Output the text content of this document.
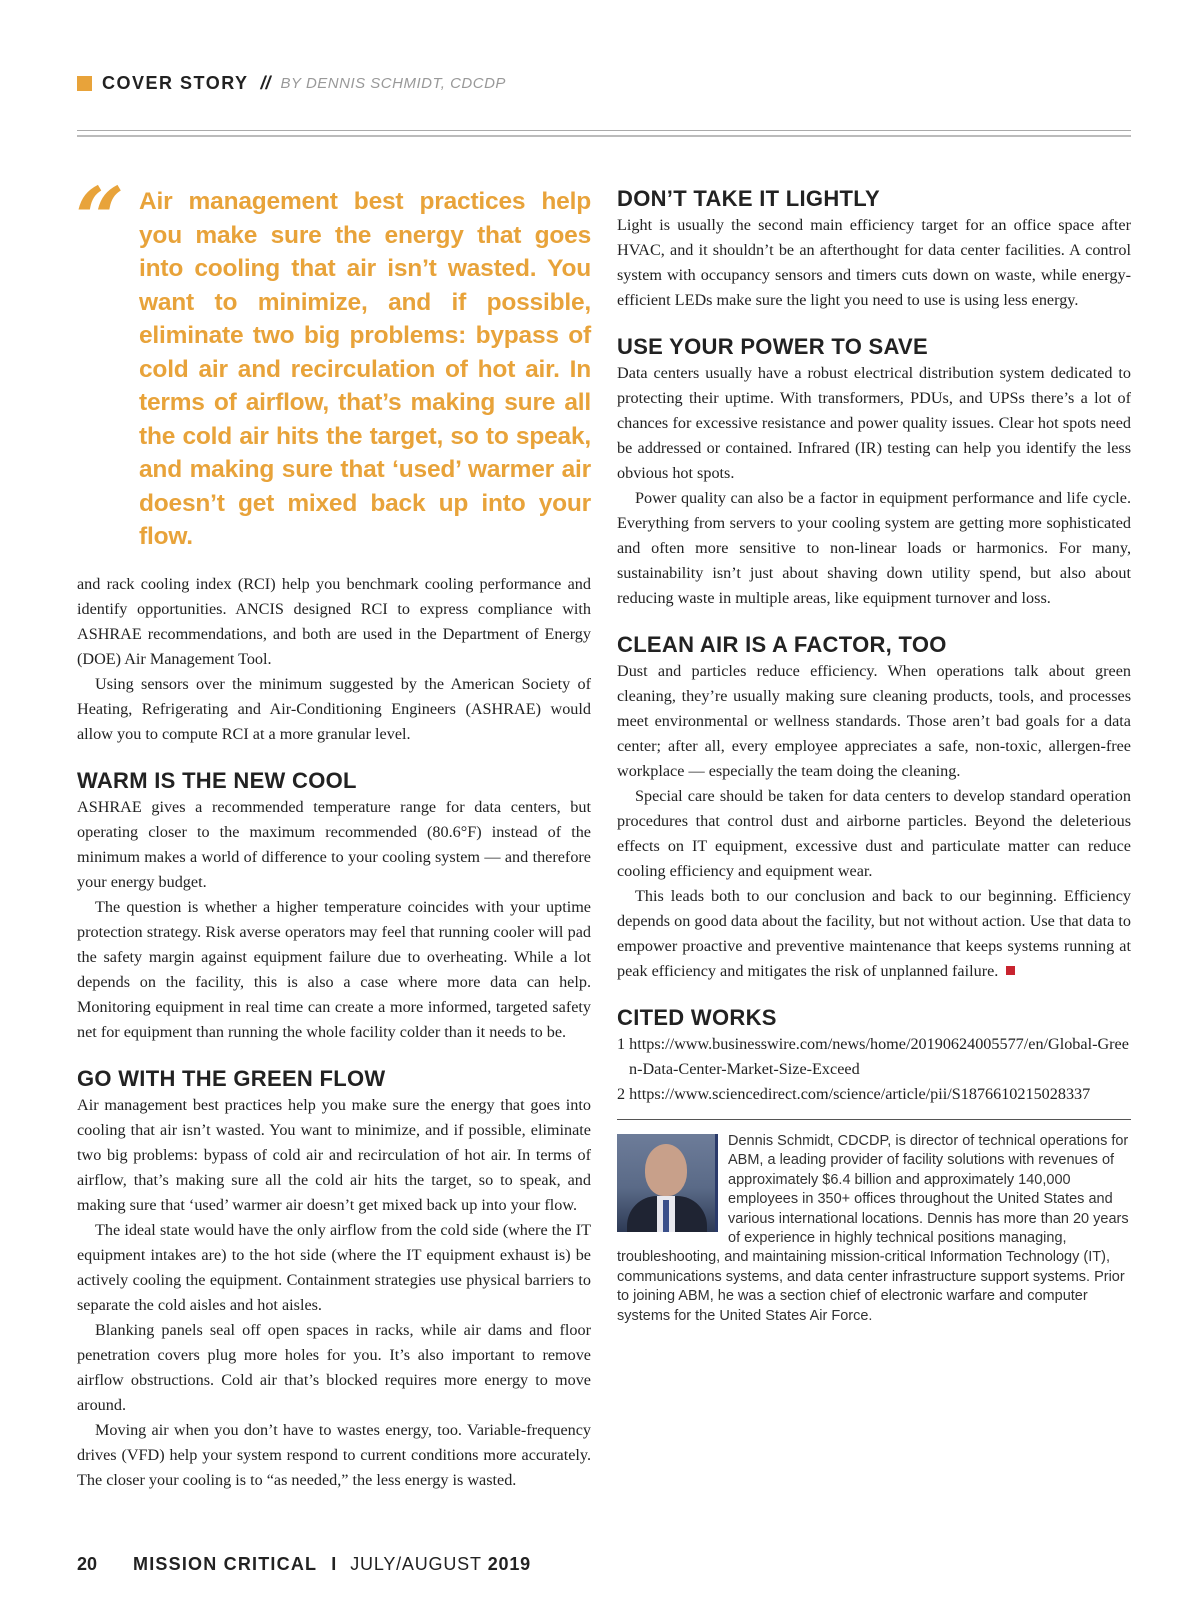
COVER STORY // BY DENNIS SCHMIDT, CDCDP
“ Air management best practices help you make sure the energy that goes into cooling that air isn’t wasted. You want to minimize, and if possible, eliminate two big problems: bypass of cold air and recirculation of hot air. In terms of airflow, that’s making sure all the cold air hits the target, so to speak, and making sure that ‘used’ warmer air doesn’t get mixed back up into your flow.

and rack cooling index (RCI) help you benchmark cooling performance and identify opportunities. ANCIS designed RCI to express compliance with ASHRAE recommendations, and both are used in the Department of Energy (DOE) Air Management Tool.

Using sensors over the minimum suggested by the American Society of Heating, Refrigerating and Air-Conditioning Engineers (ASHRAE) would allow you to compute RCI at a more granular level.

WARM IS THE NEW COOL

ASHRAE gives a recommended temperature range for data centers, but operating closer to the maximum recommended (80.6°F) instead of the minimum makes a world of difference to your cooling system — and therefore your energy budget.

The question is whether a higher temperature coincides with your uptime protection strategy. Risk averse operators may feel that running cooler will pad the safety margin against equipment failure due to overheating. While a lot depends on the facility, this is also a case where more data can help. Monitoring equipment in real time can create a more informed, targeted safety net for equipment than running the whole facility colder than it needs to be.

GO WITH THE GREEN FLOW

Air management best practices help you make sure the energy that goes into cooling that air isn’t wasted. You want to minimize, and if possible, eliminate two big problems: bypass of cold air and recirculation of hot air. In terms of airflow, that’s making sure all the cold air hits the target, so to speak, and making sure that ‘used’ warmer air doesn’t get mixed back up into your flow.

The ideal state would have the only airflow from the cold side (where the IT equipment intakes are) to the hot side (where the IT equipment exhaust is) be actively cooling the equipment. Containment strategies use physical barriers to separate the cold aisles and hot aisles.

Blanking panels seal off open spaces in racks, while air dams and floor penetration covers plug more holes for you. It’s also important to remove airflow obstructions. Cold air that’s blocked requires more energy to move around.

Moving air when you don’t have to wastes energy, too. Variable-frequency drives (VFD) help your system respond to current conditions more accurately. The closer your cooling is to “as needed,” the less energy is wasted.

DON’T TAKE IT LIGHTLY

Light is usually the second main efficiency target for an office space after HVAC, and it shouldn’t be an afterthought for data center facilities. A control system with occupancy sensors and timers cuts down on waste, while energy-efficient LEDs make sure the light you need to use is using less energy.

USE YOUR POWER TO SAVE

Data centers usually have a robust electrical distribution system dedicated to protecting their uptime. With transformers, PDUs, and UPSs there’s a lot of chances for excessive resistance and power quality issues. Clear hot spots need be addressed or contained. Infrared (IR) testing can help you identify the less obvious hot spots.

Power quality can also be a factor in equipment performance and life cycle. Everything from servers to your cooling system are getting more sophisticated and often more sensitive to non-linear loads or harmonics. For many, sustainability isn’t just about shaving down utility spend, but also about reducing waste in multiple areas, like equipment turnover and loss.

CLEAN AIR IS A FACTOR, TOO

Dust and particles reduce efficiency. When operations talk about green cleaning, they’re usually making sure cleaning products, tools, and processes meet environmental or wellness standards. Those aren’t bad goals for a data center; after all, every employee appreciates a safe, non-toxic, allergen-free workplace — especially the team doing the cleaning.

Special care should be taken for data centers to develop standard operation procedures that control dust and airborne particles. Beyond the deleterious effects on IT equipment, excessive dust and particulate matter can reduce cooling efficiency and equipment wear.

This leads both to our conclusion and back to our beginning. Efficiency depends on good data about the facility, but not without action. Use that data to empower proactive and preventive maintenance that keeps systems running at peak efficiency and mitigates the risk of unplanned failure.

CITED WORKS
1 https://www.businesswire.com/news/home/20190624005577/en/Global-Green-Data-Center-Market-Size-Exceed
2 https://www.sciencedirect.com/science/article/pii/S1876610215028337
Dennis Schmidt, CDCDP, is director of technical operations for ABM, a leading provider of facility solutions with revenues of approximately $6.4 billion and approximately 140,000 employees in 350+ offices throughout the United States and various international locations. Dennis has more than 20 years of experience in highly technical positions managing, troubleshooting, and maintaining mission-critical Information Technology (IT), communications systems, and data center infrastructure support systems. Prior to joining ABM, he was a section chief of electronic warfare and computer systems for the United States Air Force.
20 MISSION CRITICAL I JULY/AUGUST 2019
